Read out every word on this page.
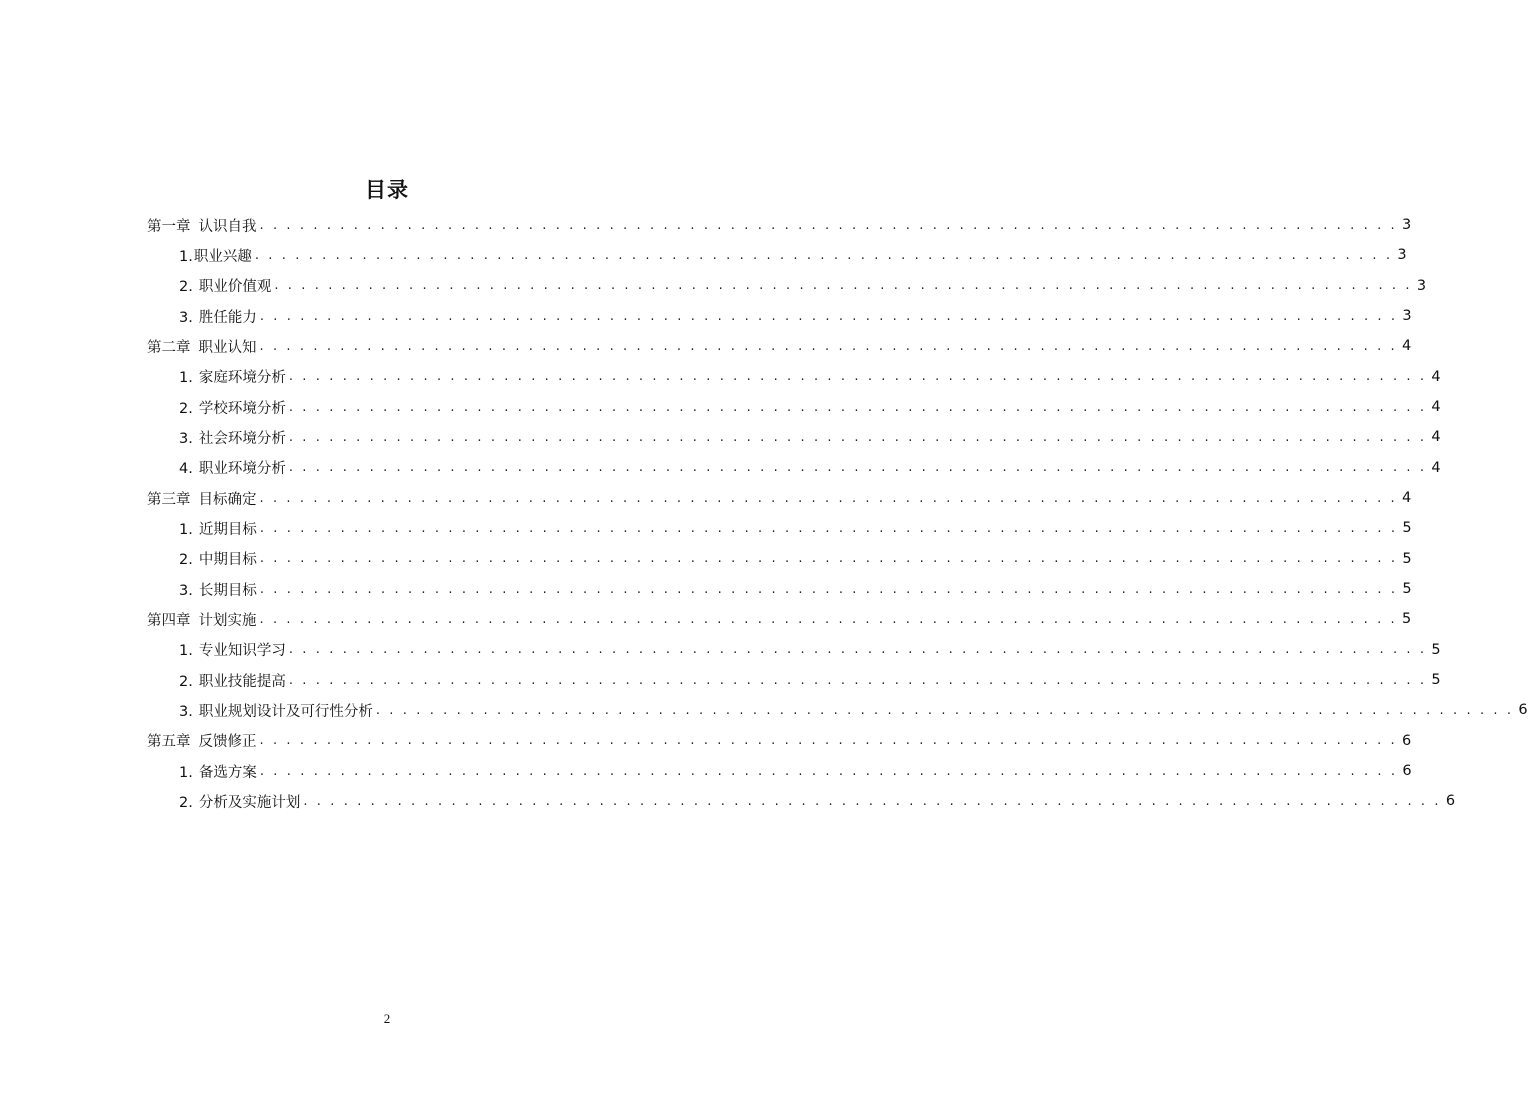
目录
第一章 认识自我 . . . . . . . . . . . . . . . . . . . . . . . . . . . . . . . . . . . . . . . . . . . . . . . . . . . . . . . . . . . . . . . . . . . . . . . . . . . . . . . . . . . . . 3
1.职业兴趣 . . . . . . . . . . . . . . . . . . . . . . . . . . . . . . . . . . . . . . . . . . . . . . . . . . . . . . . . . . . . . . . . . . . . . . . . . . . . . . . . . . . . . 3
2. 职业价值观 . . . . . . . . . . . . . . . . . . . . . . . . . . . . . . . . . . . . . . . . . . . . . . . . . . . . . . . . . . . . . . . . . . . . . . . . . . . . . . . . . . . . . 3
3. 胜任能力 . . . . . . . . . . . . . . . . . . . . . . . . . . . . . . . . . . . . . . . . . . . . . . . . . . . . . . . . . . . . . . . . . . . . . . . . . . . . . . . . . . . . . 3
第二章 职业认知 . . . . . . . . . . . . . . . . . . . . . . . . . . . . . . . . . . . . . . . . . . . . . . . . . . . . . . . . . . . . . . . . . . . . . . . . . . . . . . . . . . . . . 4
1. 家庭环境分析 . . . . . . . . . . . . . . . . . . . . . . . . . . . . . . . . . . . . . . . . . . . . . . . . . . . . . . . . . . . . . . . . . . . . . . . . . . . . . . . . . . . . . 4
2. 学校环境分析 . . . . . . . . . . . . . . . . . . . . . . . . . . . . . . . . . . . . . . . . . . . . . . . . . . . . . . . . . . . . . . . . . . . . . . . . . . . . . . . . . . . . . 4
3. 社会环境分析 . . . . . . . . . . . . . . . . . . . . . . . . . . . . . . . . . . . . . . . . . . . . . . . . . . . . . . . . . . . . . . . . . . . . . . . . . . . . . . . . . . . . . 4
4. 职业环境分析 . . . . . . . . . . . . . . . . . . . . . . . . . . . . . . . . . . . . . . . . . . . . . . . . . . . . . . . . . . . . . . . . . . . . . . . . . . . . . . . . . . . . . 4
第三章 目标确定 . . . . . . . . . . . . . . . . . . . . . . . . . . . . . . . . . . . . . . . . . . . . . . . . . . . . . . . . . . . . . . . . . . . . . . . . . . . . . . . . . . . . . 4
1. 近期目标 . . . . . . . . . . . . . . . . . . . . . . . . . . . . . . . . . . . . . . . . . . . . . . . . . . . . . . . . . . . . . . . . . . . . . . . . . . . . . . . . . . . . . 5
2. 中期目标 . . . . . . . . . . . . . . . . . . . . . . . . . . . . . . . . . . . . . . . . . . . . . . . . . . . . . . . . . . . . . . . . . . . . . . . . . . . . . . . . . . . . . 5
3. 长期目标 . . . . . . . . . . . . . . . . . . . . . . . . . . . . . . . . . . . . . . . . . . . . . . . . . . . . . . . . . . . . . . . . . . . . . . . . . . . . . . . . . . . . . 5
第四章 计划实施 . . . . . . . . . . . . . . . . . . . . . . . . . . . . . . . . . . . . . . . . . . . . . . . . . . . . . . . . . . . . . . . . . . . . . . . . . . . . . . . . . . . . . 5
1. 专业知识学习 . . . . . . . . . . . . . . . . . . . . . . . . . . . . . . . . . . . . . . . . . . . . . . . . . . . . . . . . . . . . . . . . . . . . . . . . . . . . . . . . . . . . . 5
2. 职业技能提高 . . . . . . . . . . . . . . . . . . . . . . . . . . . . . . . . . . . . . . . . . . . . . . . . . . . . . . . . . . . . . . . . . . . . . . . . . . . . . . . . . . . . . 5
3. 职业规划设计及可行性分析 . . . . . . . . . . . . . . . . . . . . . . . . . . . . . . . . . . . . . . . . . . . . . . . . . . . . . . . . . . . . . . . . . . . . . . . . . . . . . . . . . . . . . 6
第五章 反馈修正 . . . . . . . . . . . . . . . . . . . . . . . . . . . . . . . . . . . . . . . . . . . . . . . . . . . . . . . . . . . . . . . . . . . . . . . . . . . . . . . . . . . . . 6
1. 备选方案 . . . . . . . . . . . . . . . . . . . . . . . . . . . . . . . . . . . . . . . . . . . . . . . . . . . . . . . . . . . . . . . . . . . . . . . . . . . . . . . . . . . . . 6
2. 分析及实施计划 . . . . . . . . . . . . . . . . . . . . . . . . . . . . . . . . . . . . . . . . . . . . . . . . . . . . . . . . . . . . . . . . . . . . . . . . . . . . . . . . . . . . . 6
2
